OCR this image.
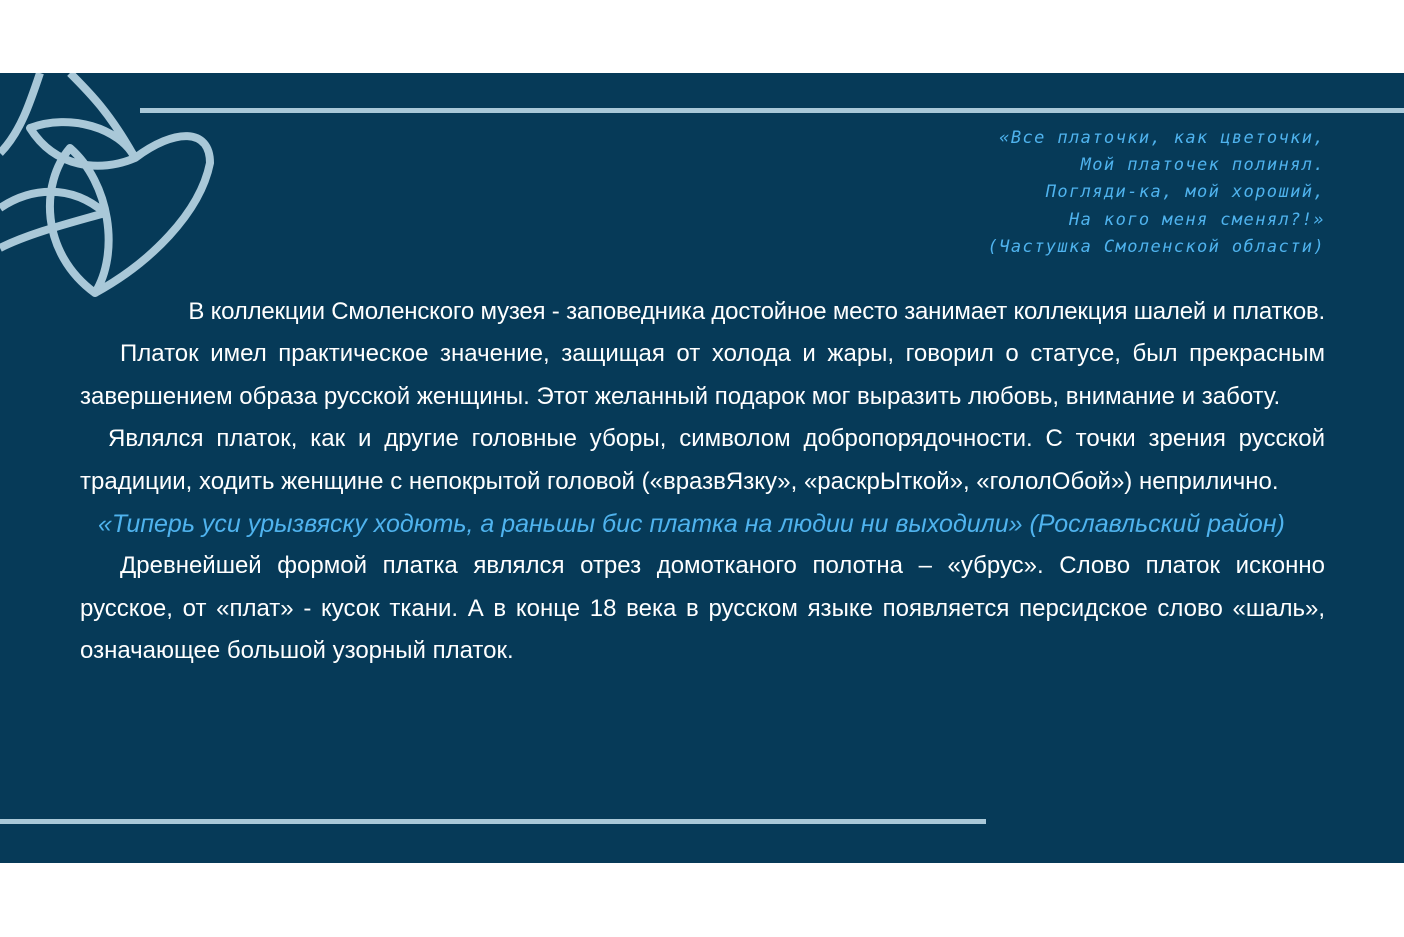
«Все платочки, как цветочки,
Мой платочек полинял.
Погляди-ка, мой хороший,
На кого меня сменял?!»
(Частушка Смоленской области)

В коллекции Смоленского музея - заповедника достойное место занимает коллекция шалей и платков.

Платок имел практическое значение, защищая от холода и жары, говорил о статусе, был прекрасным завершением образа русской женщины. Этот желанный подарок мог выразить любовь, внимание и заботу.

Являлся платок, как и другие головные уборы, символом добропорядочности. С точки зрения русской традиции, ходить женщине с непокрытой головой («вразвЯзку», «раскрЫткой», «гололОбой») неприлично.

«Типерь уси урызвяску ходють, а раньшы бис платка на людии ни выходили» (Рославльский район)

Древнейшей формой платка являлся отрез домотканого полотна – «убрус». Слово платок исконно русское, от «плат» - кусок ткани. А в конце 18 века в русском языке появляется персидское слово «шаль», означающее большой узорный платок.
